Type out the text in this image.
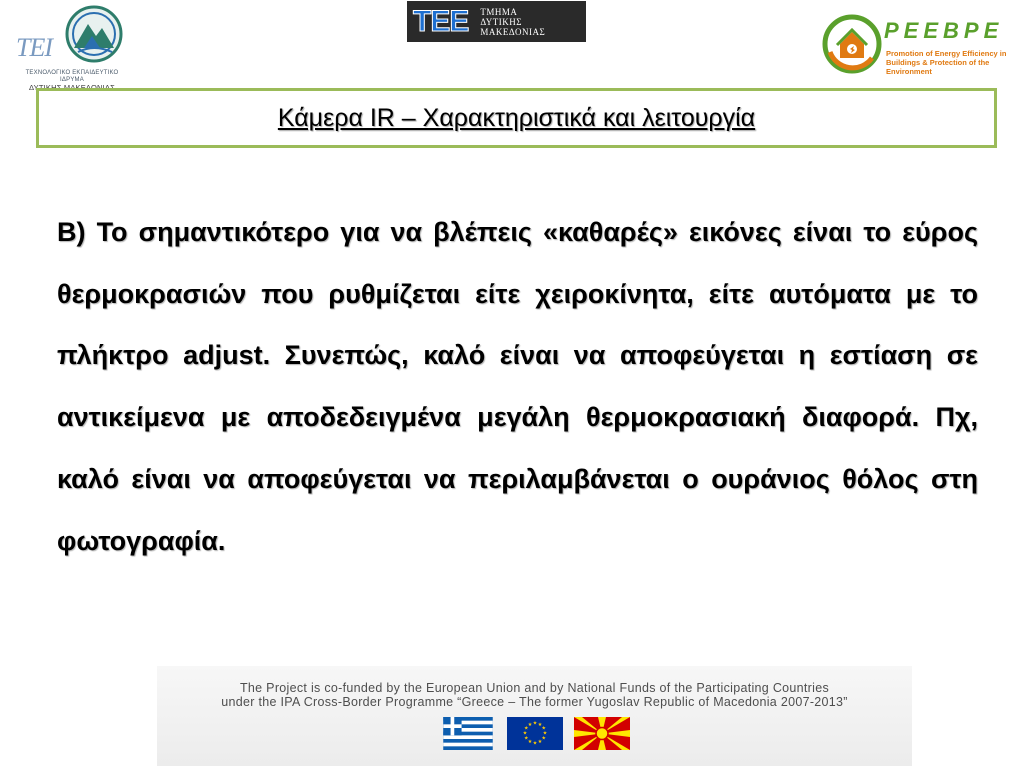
TEI
ΤΕΧΝΟΛΟΓΙΚΟ ΕΚΠΑΙΔΕΥΤΙΚΟ ΙΔΡΥΜΑ
ΔΥΤΙΚΗΣ ΜΑΚΕΔΟΝΙΑΣ
TEE ΤΜΗΜΑ
ΔΥΤΙΚΗΣ
ΜΑΚΕΔΟΝΙΑΣ	PEEBPE
Promotion of Energy Efficiency in Buildings & Protection of the Environment
Κάμερα IR – Χαρακτηριστικά και λειτουργία

Β) Το σημαντικότερο για να βλέπεις «καθαρές» εικόνες είναι το εύρος θερμοκρασιών που ρυθμίζεται είτε χειροκίνητα, είτε αυτόματα με το πλήκτρο adjust. Συνεπώς, καλό είναι να αποφεύγεται η εστίαση σε αντικείμενα με αποδεδειγμένα μεγάλη θερμοκρασιακή διαφορά. Πχ, καλό είναι να αποφεύγεται να περιλαμβάνεται ο ουράνιος θόλος στη φωτογραφία.

The Project is co-funded by the European Union and by National Funds of the Participating Countries
under the IPA Cross-Border Programme “Greece – The former Yugoslav Republic of Macedonia 2007-2013”
★ ★
★
★
★
★
★
★
★
★
★
★
